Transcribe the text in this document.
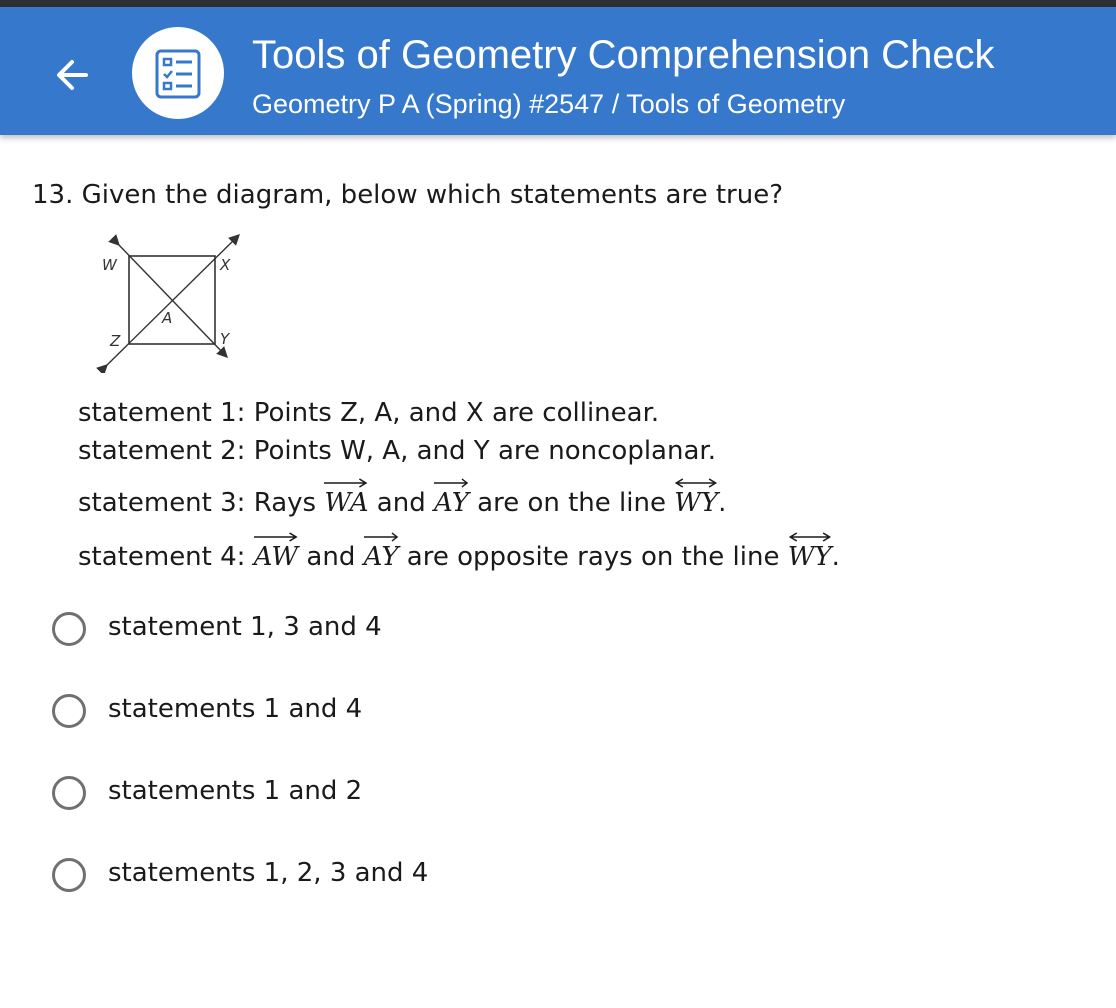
Tools of Geometry Comprehension Check
Geometry P A (Spring) #2547 / Tools of Geometry
13. Given the diagram, below which statements are true?
W	X
Y
Z
A
statement 1: Points Z, A, and X are collinear.
statement 2: Points W, A, and Y are noncoplanar.
statement 3: Rays
WA and
AY are on the line
WY.
statement 4:
AW and
AY are opposite rays on the line
WY.
statement 1, 3 and 4
statements 1 and 4
statements 1 and 2
statements 1, 2, 3 and 4
